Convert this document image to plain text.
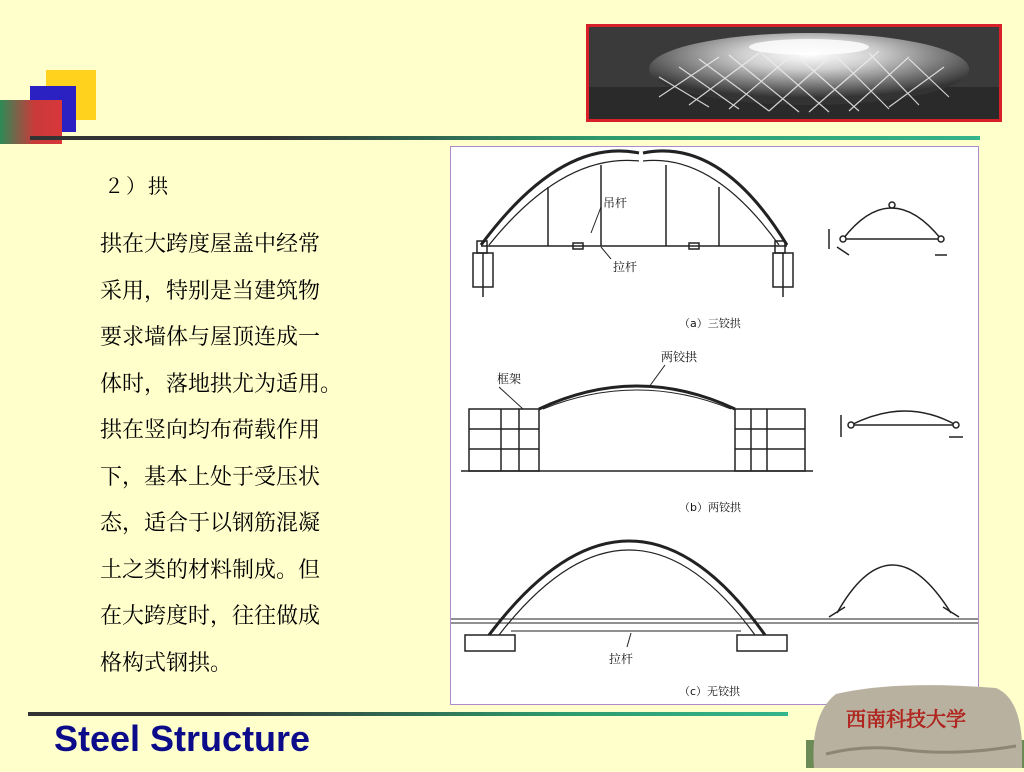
２）拱
拱在大跨度屋盖中经常
采用，特别是当建筑物
要求墙体与屋顶连成一
体时，落地拱尤为适用。
拱在竖向均布荷载作用
下，基本上处于受压状
态，适合于以钢筋混凝
土之类的材料制成。但
在大跨度时，往往做成
格构式钢拱。
吊杆
拉杆
（a）三铰拱
框架
两铰拱
（b）两铰拱
拉杆
（c）无铰拱
Steel Structure	西南科技大学
